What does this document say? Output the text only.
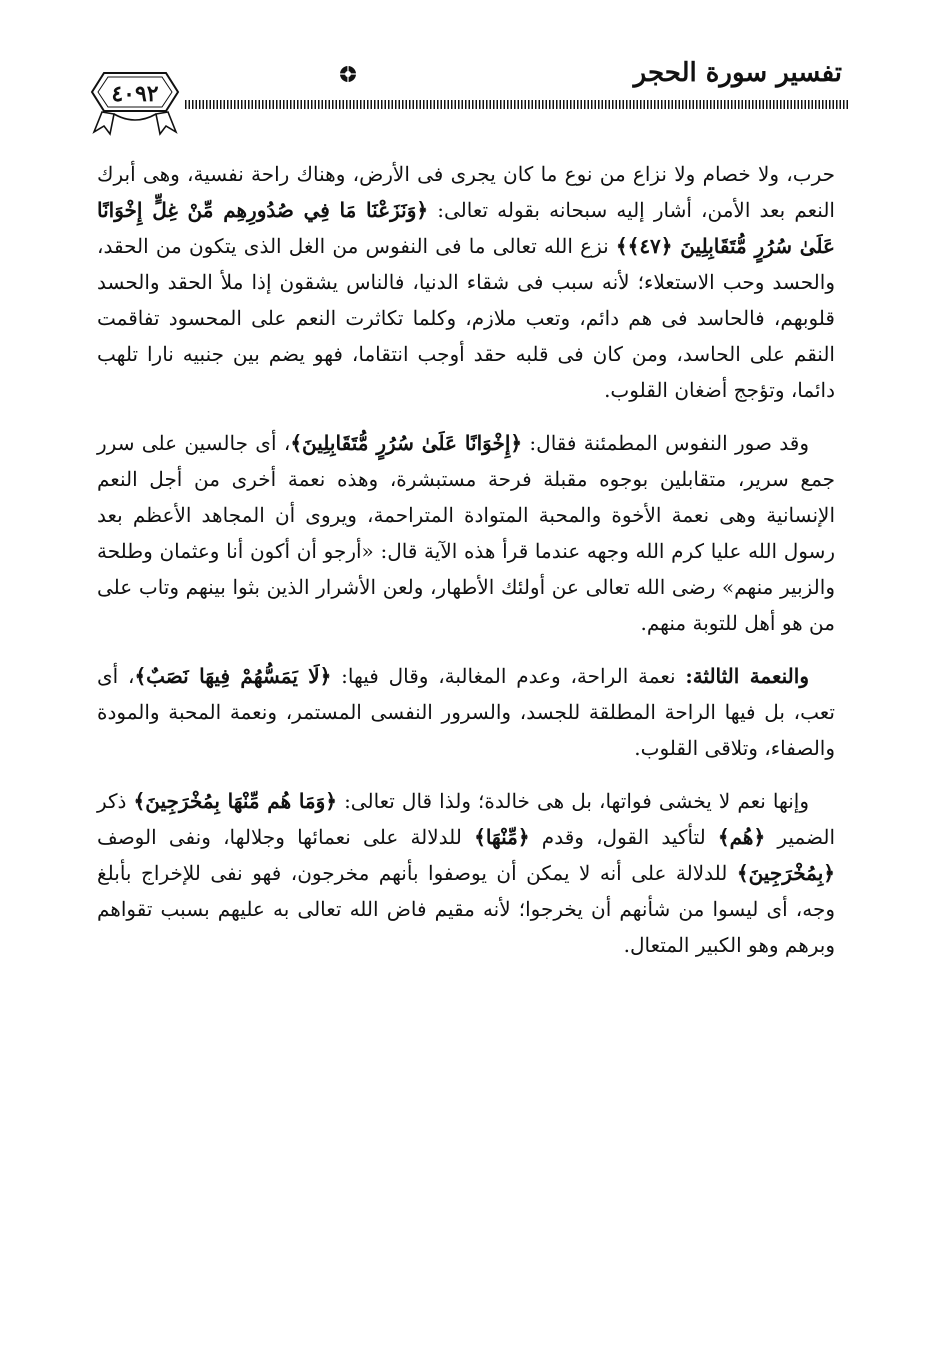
٤٠٩٢
تفسير سورة الحجر

حرب، ولا خصام ولا نزاع من نوع ما كان يجرى فى الأرض، وهناك راحة نفسية، وهى أبرك النعم بعد الأمن، أشار إليه سبحانه بقوله تعالى: ﴿وَنَزَعْنَا مَا فِي صُدُورِهِم مِّنْ غِلٍّ إِخْوَانًا عَلَىٰ سُرُرٍ مُّتَقَابِلِينَ ﴿٤٧﴾﴾ نزع الله تعالى ما فى النفوس من الغل الذى يتكون من الحقد، والحسد وحب الاستعلاء؛ لأنه سبب فى شقاء الدنيا، فالناس يشقون إذا ملأ الحقد والحسد قلوبهم، فالحاسد فى هم دائم، وتعب ملازم، وكلما تكاثرت النعم على المحسود تفاقمت النقم على الحاسد، ومن كان فى قلبه حقد أوجب انتقاما، فهو يضم بين جنبيه نارا تلهب دائما، وتؤجج أضغان القلوب.

وقد صور النفوس المطمئنة فقال: ﴿إِخْوَانًا عَلَىٰ سُرُرٍ مُّتَقَابِلِينَ﴾، أى جالسين على سرر جمع سرير، متقابلين بوجوه مقبلة فرحة مستبشرة، وهذه نعمة أخرى من أجل النعم الإنسانية وهى نعمة الأخوة والمحبة المتوادة المتراحمة، ويروى أن المجاهد الأعظم بعد رسول الله عليا كرم الله وجهه عندما قرأ هذه الآية قال: «أرجو أن أكون أنا وعثمان وطلحة والزبير منهم» رضى الله تعالى عن أولئك الأطهار، ولعن الأشرار الذين بثوا بينهم وتاب على من هو أهل للتوبة منهم.

والنعمة الثالثة: نعمة الراحة، وعدم المغالبة، وقال فيها: ﴿لَا يَمَسُّهُمْ فِيهَا نَصَبٌ﴾، أى تعب، بل فيها الراحة المطلقة للجسد، والسرور النفسى المستمر، ونعمة المحبة والمودة والصفاء، وتلاقى القلوب.

وإنها نعم لا يخشى فواتها، بل هى خالدة؛ ولذا قال تعالى: ﴿وَمَا هُم مِّنْهَا بِمُخْرَجِينَ﴾ ذكر الضمير ﴿هُم﴾ لتأكيد القول، وقدم ﴿مِّنْهَا﴾ للدلالة على نعمائها وجلالها، ونفى الوصف ﴿بِمُخْرَجِينَ﴾ للدلالة على أنه لا يمكن أن يوصفوا بأنهم مخرجون، فهو نفى للإخراج بأبلغ وجه، أى ليسوا من شأنهم أن يخرجوا؛ لأنه مقيم فاض الله تعالى به عليهم بسبب تقواهم وبرهم وهو الكبير المتعال.
